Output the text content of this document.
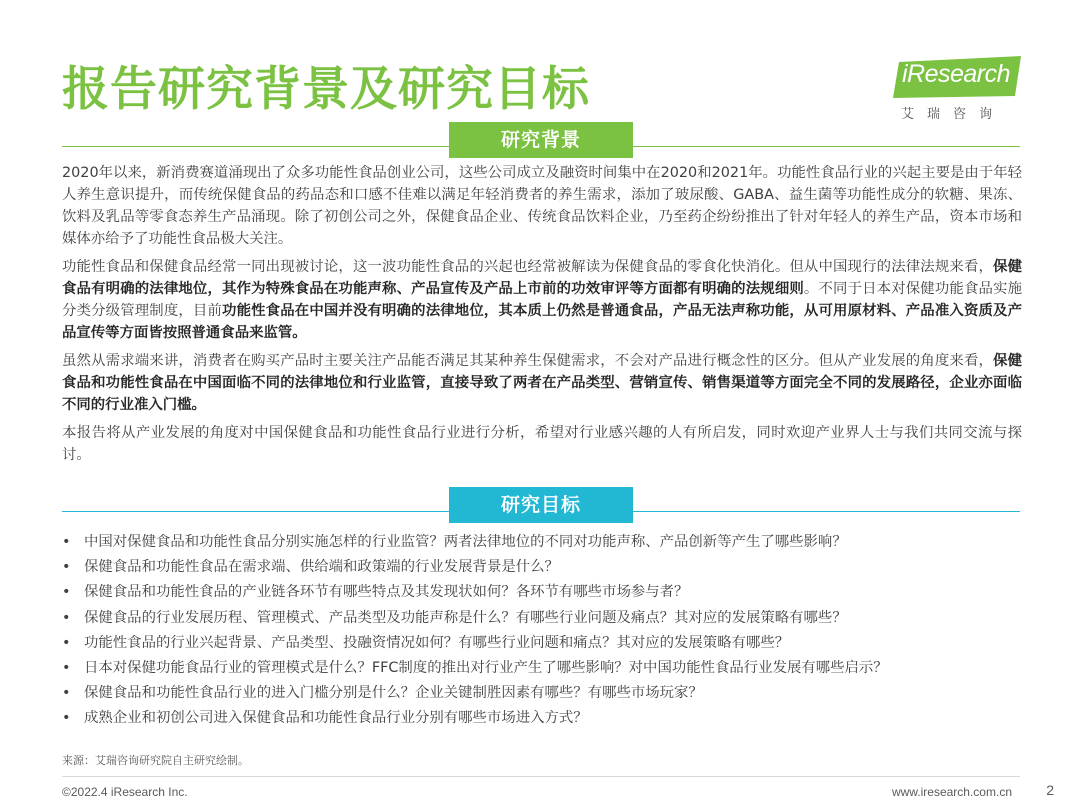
报告研究背景及研究目标	iResearch
艾瑞咨询
研究背景

2020年以来，新消费赛道涌现出了众多功能性食品创业公司，这些公司成立及融资时间集中在2020和2021年。功能性食品行业的兴起主要是由于年轻人养生意识提升，而传统保健食品的药品态和口感不佳难以满足年轻消费者的养生需求，添加了玻尿酸、GABA、益生菌等功能性成分的软糖、果冻、饮料及乳品等零食态养生产品涌现。除了初创公司之外，保健食品企业、传统食品饮料企业，乃至药企纷纷推出了针对年轻人的养生产品，资本市场和媒体亦给予了功能性食品极大关注。

功能性食品和保健食品经常一同出现被讨论，这一波功能性食品的兴起也经常被解读为保健食品的零食化快消化。但从中国现行的法律法规来看，保健食品有明确的法律地位，其作为特殊食品在功能声称、产品宣传及产品上市前的功效审评等方面都有明确的法规细则。不同于日本对保健功能食品实施分类分级管理制度，目前功能性食品在中国并没有明确的法律地位，其本质上仍然是普通食品，产品无法声称功能，从可用原材料、产品准入资质及产品宣传等方面皆按照普通食品来监管。

虽然从需求端来讲，消费者在购买产品时主要关注产品能否满足其某种养生保健需求，不会对产品进行概念性的区分。但从产业发展的角度来看，保健食品和功能性食品在中国面临不同的法律地位和行业监管，直接导致了两者在产品类型、营销宣传、销售渠道等方面完全不同的发展路径，企业亦面临不同的行业准入门槛。

本报告将从产业发展的角度对中国保健食品和功能性食品行业进行分析，希望对行业感兴趣的人有所启发，同时欢迎产业界人士与我们共同交流与探讨。

研究目标
• 中国对保健食品和功能性食品分别实施怎样的行业监管？两者法律地位的不同对功能声称、产品创新等产生了哪些影响？
• 保健食品和功能性食品在需求端、供给端和政策端的行业发展背景是什么？
• 保健食品和功能性食品的产业链各环节有哪些特点及其发现状如何？各环节有哪些市场参与者？
• 保健食品的行业发展历程、管理模式、产品类型及功能声称是什么？有哪些行业问题及痛点？其对应的发展策略有哪些？
• 功能性食品的行业兴起背景、产品类型、投融资情况如何？有哪些行业问题和痛点？其对应的发展策略有哪些？
• 日本对保健功能食品行业的管理模式是什么？FFC制度的推出对行业产生了哪些影响？对中国功能性食品行业发展有哪些启示？
• 保健食品和功能性食品行业的进入门槛分别是什么？企业关键制胜因素有哪些？有哪些市场玩家？
• 成熟企业和初创公司进入保健食品和功能性食品行业分别有哪些市场进入方式？
来源：艾瑞咨询研究院自主研究绘制。
©2022.4 iResearch Inc.	www.iresearch.com.cn 2
